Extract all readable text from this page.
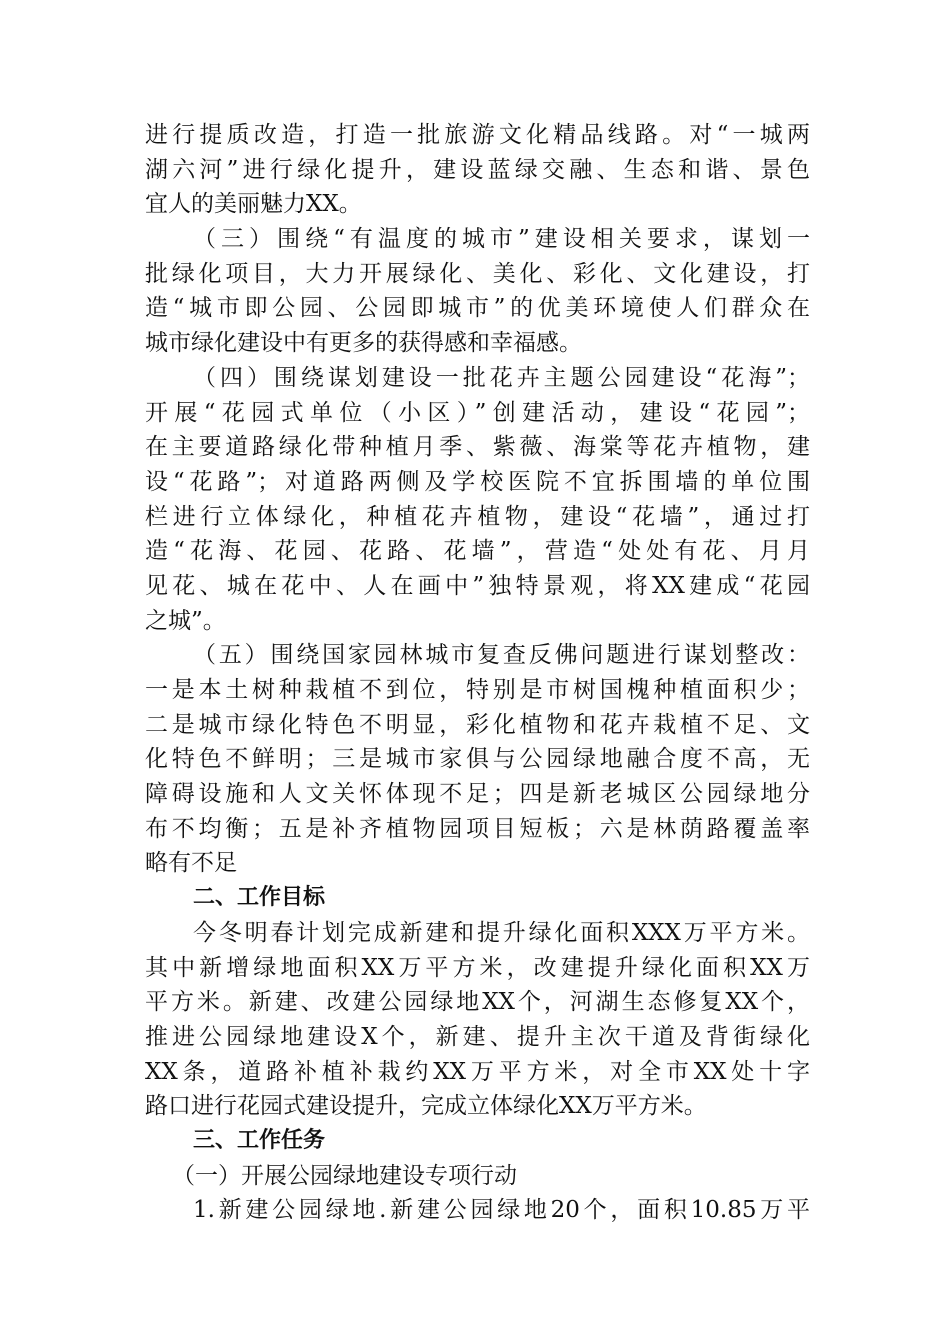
进行提质改造，打造一批旅游文化精品线路。对“一城两
湖六河”进行绿化提升，建设蓝绿交融、生态和谐、景色
宜人的美丽魅力XX。
（三）围绕“有温度的城市”建设相关要求，谋划一
批绿化项目，大力开展绿化、美化、彩化、文化建设，打
造“城市即公园、公园即城市”的优美环境使人们群众在
城市绿化建设中有更多的获得感和幸福感。
（四）围绕谋划建设一批花卉主题公园建设“花海”；
开展“花园式单位（小区）”创建活动，建设“花园”；
在主要道路绿化带种植月季、紫薇、海棠等花卉植物，建
设“花路”；对道路两侧及学校医院不宜拆围墙的单位围
栏进行立体绿化，种植花卉植物，建设“花墙”，通过打
造“花海、花园、花路、花墙”，营造“处处有花、月月
见花、城在花中、人在画中”独特景观，将XX建成“花园
之城”。
（五）围绕国家园林城市复查反佛问题进行谋划整改：
一是本土树种栽植不到位，特别是市树国槐种植面积少；
二是城市绿化特色不明显，彩化植物和花卉栽植不足、文
化特色不鲜明；三是城市家俱与公园绿地融合度不高，无
障碍设施和人文关怀体现不足；四是新老城区公园绿地分
布不均衡；五是补齐植物园项目短板；六是林荫路覆盖率
略有不足
二、工作目标
今冬明春计划完成新建和提升绿化面积XXX万平方米。
其中新增绿地面积XX万平方米，改建提升绿化面积XX万
平方米。新建、改建公园绿地XX个，河湖生态修复XX个，
推进公园绿地建设X个，新建、提升主次干道及背街绿化
XX条，道路补植补栽约XX万平方米，对全市XX处十字
路口进行花园式建设提升，完成立体绿化XX万平方米。
三、工作任务
（一）开展公园绿地建设专项行动
1.新建公园绿地.新建公园绿地20个，面积10.85万平
